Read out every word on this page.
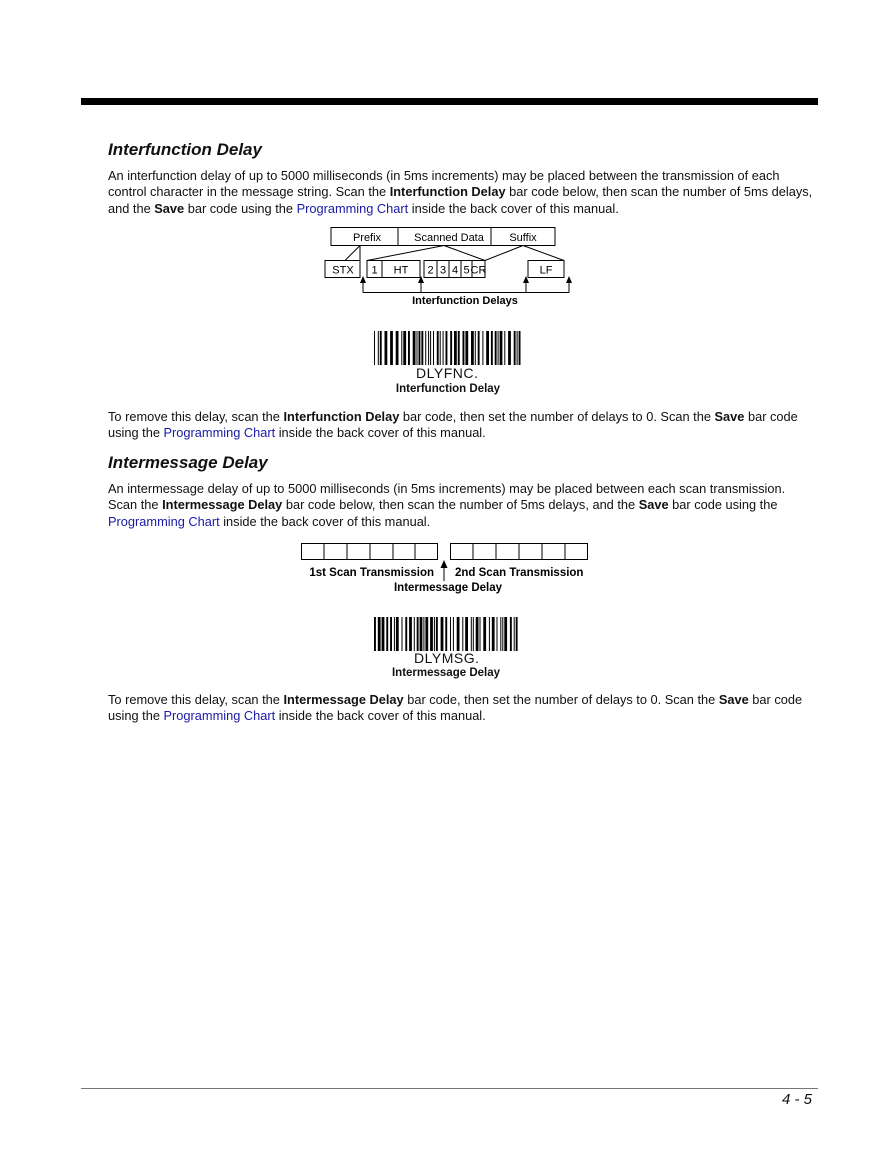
Interfunction Delay

An interfunction delay of up to 5000 milliseconds (in 5ms increments) may be placed between the transmission of each control character in the message string. Scan the Interfunction Delay bar code below, then scan the number of 5ms delays, and the Save bar code using the Programming Chart inside the back cover of this manual.

Prefix	Scanned Data Suffix
STX 1 HT 2 3 4 5 CR	LF
Interfunction Delays
DLYFNC.
Interfunction Delay

To remove this delay, scan the Interfunction Delay bar code, then set the number of delays to 0. Scan the Save bar code using the Programming Chart inside the back cover of this manual.

Intermessage Delay

An intermessage delay of up to 5000 milliseconds (in 5ms increments) may be placed between each scan transmission. Scan the Intermessage Delay bar code below, then scan the number of 5ms delays, and the Save bar code using the Programming Chart inside the back cover of this manual.

1st Scan Transmission 2nd Scan Transmission
Intermessage Delay
DLYMSG.
Intermessage Delay

To remove this delay, scan the Intermessage Delay bar code, then set the number of delays to 0. Scan the Save bar code using the Programming Chart inside the back cover of this manual.

4 - 5
